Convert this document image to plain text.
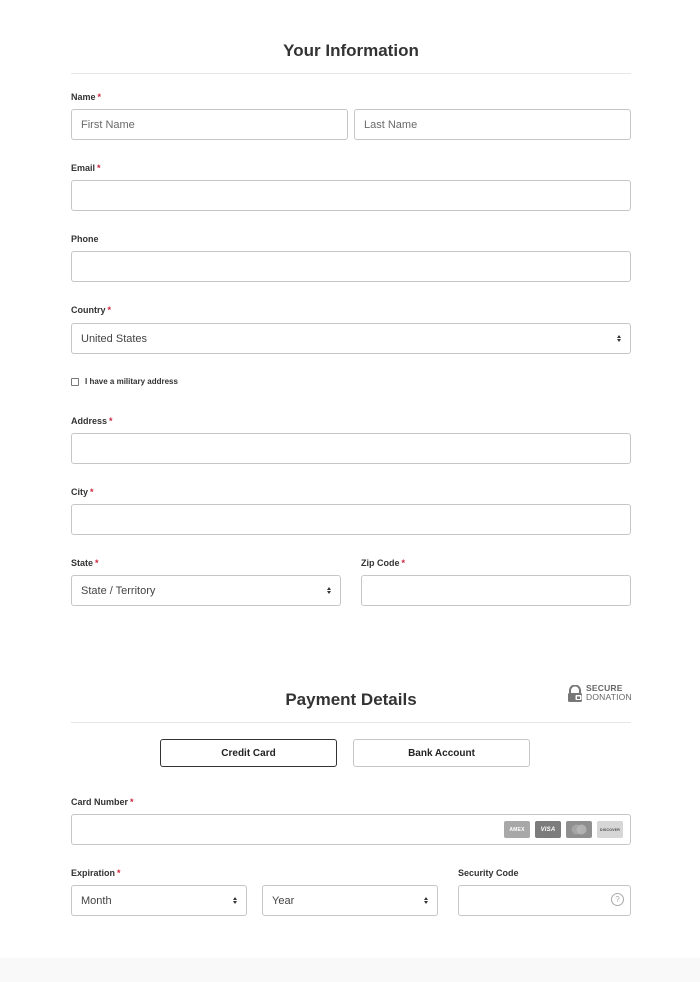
Your Information
Name *
First Name
Last Name
Email *
Phone
Country *
United States
I have a military address
Address *
City *
State *
State / Territory
Zip Code *
Payment Details
SECURE
DONATION
Credit Card	Bank Account
Card Number *
AMEX	VISA	DISCOVER
Expiration *
Month	Year
Security Code
?
